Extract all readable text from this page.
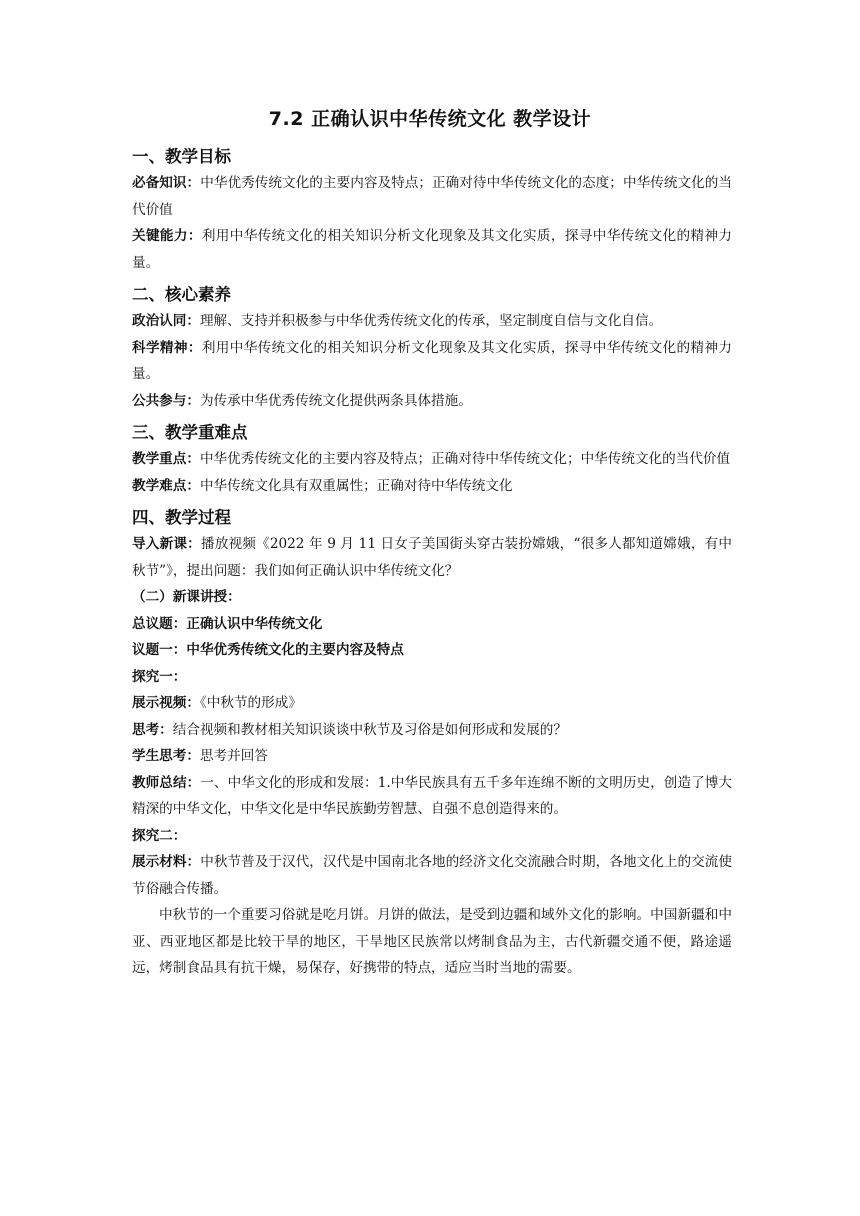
7.2 正确认识中华传统文化 教学设计
一、教学目标

必备知识：中华优秀传统文化的主要内容及特点；正确对待中华传统文化的态度；中华传统文化的当代价值

关键能力：利用中华传统文化的相关知识分析文化现象及其文化实质，探寻中华传统文化的精神力量。

二、核心素养

政治认同：理解、支持并积极参与中华优秀传统文化的传承，坚定制度自信与文化自信。

科学精神：利用中华传统文化的相关知识分析文化现象及其文化实质，探寻中华传统文化的精神力量。

公共参与：为传承中华优秀传统文化提供两条具体措施。

三、教学重难点

教学重点：中华优秀传统文化的主要内容及特点；正确对待中华传统文化；中华传统文化的当代价值

教学难点：中华传统文化具有双重属性；正确对待中华传统文化

四、教学过程

导入新课：播放视频《2022 年 9 月 11 日女子美国街头穿古装扮嫦娥，“很多人都知道嫦娥，有中秋节”》，提出问题：我们如何正确认识中华传统文化？

（二）新课讲授：

总议题：正确认识中华传统文化

议题一：中华优秀传统文化的主要内容及特点

探究一：

展示视频：《中秋节的形成》

思考：结合视频和教材相关知识谈谈中秋节及习俗是如何形成和发展的？

学生思考：思考并回答

教师总结：一、中华文化的形成和发展：1.中华民族具有五千多年连绵不断的文明历史，创造了博大精深的中华文化，中华文化是中华民族勤劳智慧、自强不息创造得来的。

探究二：

展示材料：中秋节普及于汉代，汉代是中国南北各地的经济文化交流融合时期，各地文化上的交流使节俗融合传播。

中秋节的一个重要习俗就是吃月饼。月饼的做法，是受到边疆和域外文化的影响。中国新疆和中亚、西亚地区都是比较干旱的地区，干旱地区民族常以烤制食品为主，古代新疆交通不便，路途遥远，烤制食品具有抗干燥，易保存，好携带的特点，适应当时当地的需要。
